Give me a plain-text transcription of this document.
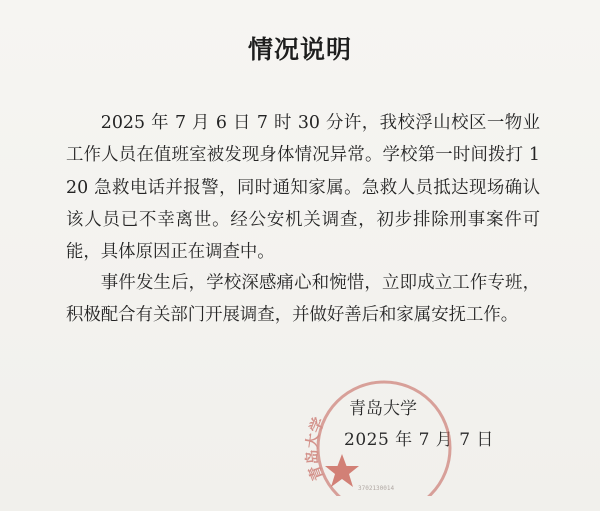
情况说明

2025 年 7 月 6 日 7 时 30 分许，我校浮山校区一物业工作人员在值班室被发现身体情况异常。学校第一时间拨打 120 急救电话并报警，同时通知家属。急救人员抵达现场确认该人员已不幸离世。经公安机关调查，初步排除刑事案件可能，具体原因正在调查中。

事件发生后，学校深感痛心和惋惜，立即成立工作专班，积极配合有关部门开展调查，并做好善后和家属安抚工作。

青岛大学
2025 年 7 月 7 日
青岛大学
3702130014
